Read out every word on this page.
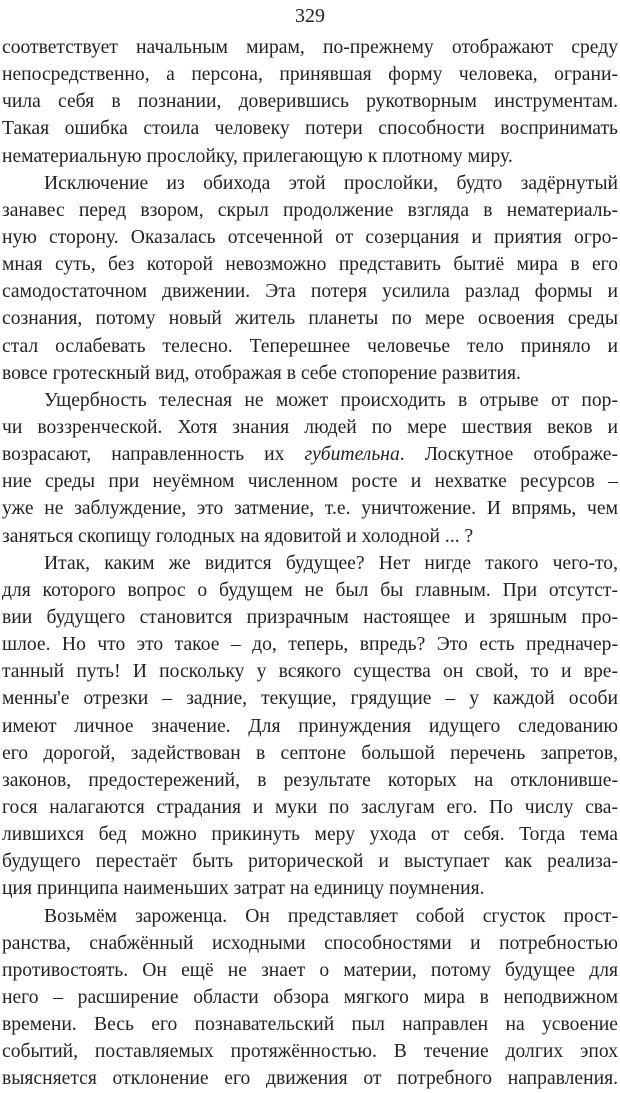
329
соответствует начальным мирам, по-прежнему отображают среду
непосредственно, а персона, принявшая форму человека, ограни-
чила себя в познании, доверившись рукотворным инструментам.
Такая ошибка стоила человеку потери способности воспринимать
нематериальную прослойку, прилегающую к плотному миру.
Исключение из обихода этой прослойки, будто задёрнутый
занавес перед взором, скрыл продолжение взгляда в нематериаль-
ную сторону. Оказалась отсеченной от созерцания и приятия огро-
мная суть, без которой невозможно представить бытиё мира в его
самодостаточном движении. Эта потеря усилила разлад формы и
сознания, потому новый житель планеты по мере освоения среды
стал ослабевать телесно. Теперешнее человечье тело приняло и
вовсе гротескный вид, отображая в себе стопорение развития.
Ущербность телесная не может происходить в отрыве от пор-
чи воззренческой. Хотя знания людей по мере шествия веков и
возрасают, направленность их губительна. Лоскутное отображе-
ние среды при неуёмном численном росте и нехватке ресурсов –
уже не заблуждение, это затмение, т.е. уничтожение. И впрямь, чем
заняться скопищу голодных на ядовитой и холодной ... ?
Итак, каким же видится будущее? Нет нигде такого чего-то,
для которого вопрос о будущем не был бы главным. При отсутст-
вии будущего становится призрачным настоящее и зряшным про-
шлое. Но что это такое – до, теперь, впредь? Это есть предначер-
танный путь! И поскольку у всякого существа он свой, то и вре-
менны'е отрезки – задние, текущие, грядущие – у каждой особи
имеют личное значение. Для принуждения идущего следованию
его дорогой, задействован в септоне большой перечень запретов,
законов, предостережений, в результате которых на отклонивше-
гося налагаются страдания и муки по заслугам его. По числу сва-
лившихся бед можно прикинуть меру ухода от себя. Тогда тема
будущего перестаёт быть риторической и выступает как реализа-
ция принципа наименьших затрат на единицу поумнения.
Возьмём зароженца. Он представляет собой сгусток прост-
ранства, снабжённый исходными способностями и потребностью
противостоять. Он ещё не знает о материи, потому будущее для
него – расширение области обзора мягкого мира в неподвижном
времени. Весь его познавательский пыл направлен на усвоение
событий, поставляемых протяжённостью. В течение долгих эпох
выясняется отклонение его движения от потребного направления.
